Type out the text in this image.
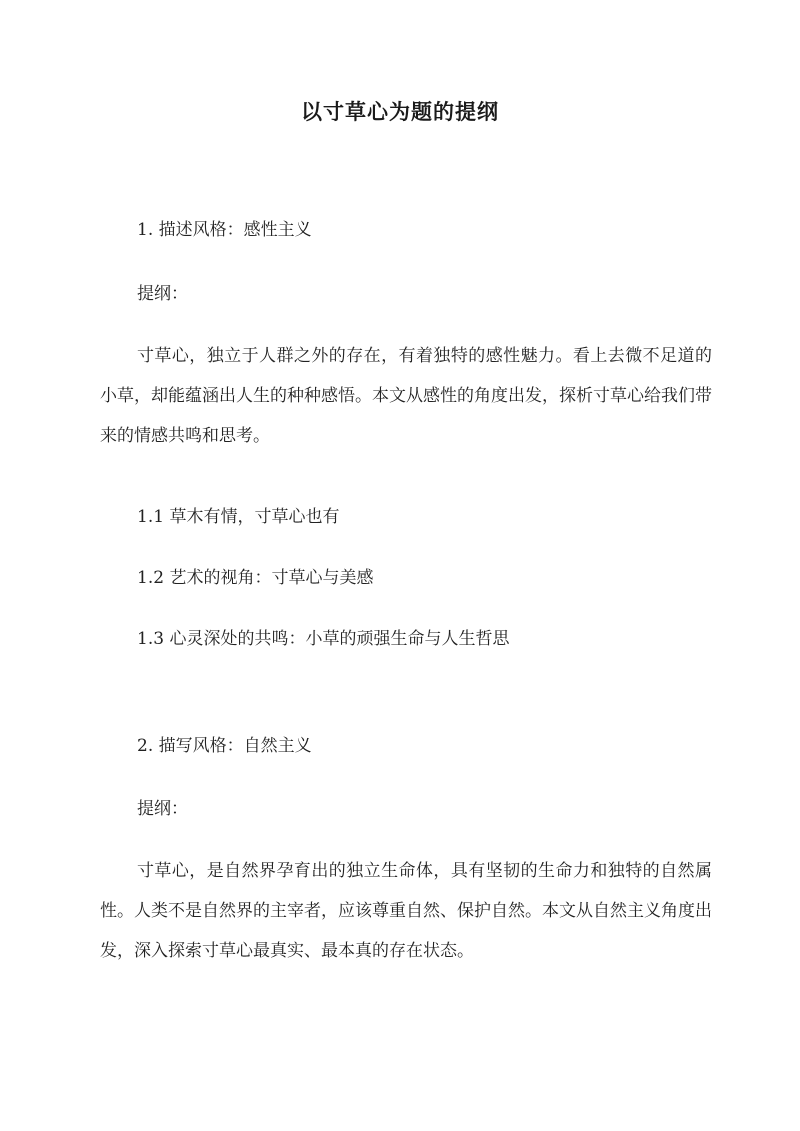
以寸草心为题的提纲
1. 描述风格：感性主义
提纲：
寸草心，独立于人群之外的存在，有着独特的感性魅力。看上去微不足道的小草，却能蕴涵出人生的种种感悟。本文从感性的角度出发，探析寸草心给我们带来的情感共鸣和思考。
1.1 草木有情，寸草心也有
1.2 艺术的视角：寸草心与美感
1.3 心灵深处的共鸣：小草的顽强生命与人生哲思
2. 描写风格：自然主义
提纲：
寸草心，是自然界孕育出的独立生命体，具有坚韧的生命力和独特的自然属性。人类不是自然界的主宰者，应该尊重自然、保护自然。本文从自然主义角度出发，深入探索寸草心最真实、最本真的存在状态。
